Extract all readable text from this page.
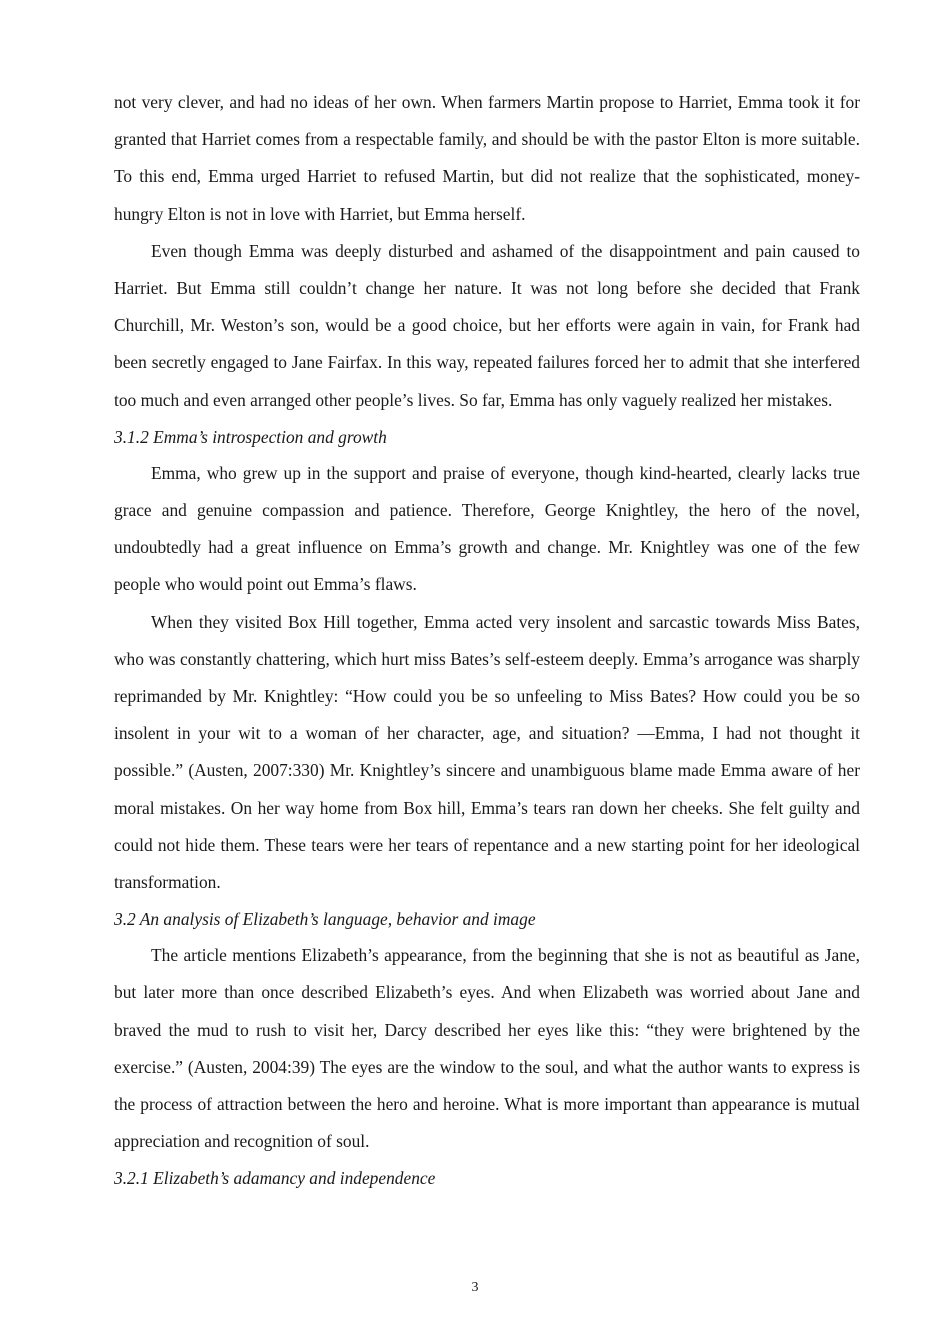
not very clever, and had no ideas of her own. When farmers Martin propose to Harriet, Emma took it for granted that Harriet comes from a respectable family, and should be with the pastor Elton is more suitable. To this end, Emma urged Harriet to refused Martin, but did not realize that the sophisticated, money-hungry Elton is not in love with Harriet, but Emma herself.

Even though Emma was deeply disturbed and ashamed of the disappointment and pain caused to Harriet. But Emma still couldn’t change her nature. It was not long before she decided that Frank Churchill, Mr. Weston’s son, would be a good choice, but her efforts were again in vain, for Frank had been secretly engaged to Jane Fairfax. In this way, repeated failures forced her to admit that she interfered too much and even arranged other people’s lives. So far, Emma has only vaguely realized her mistakes.

3.1.2 Emma’s introspection and growth

Emma, who grew up in the support and praise of everyone, though kind-hearted, clearly lacks true grace and genuine compassion and patience. Therefore, George Knightley, the hero of the novel, undoubtedly had a great influence on Emma’s growth and change. Mr. Knightley was one of the few people who would point out Emma’s flaws.

When they visited Box Hill together, Emma acted very insolent and sarcastic towards Miss Bates, who was constantly chattering, which hurt miss Bates’s self-esteem deeply. Emma’s arrogance was sharply reprimanded by Mr. Knightley: “How could you be so unfeeling to Miss Bates? How could you be so insolent in your wit to a woman of her character, age, and situation? —Emma, I had not thought it possible.” (Austen, 2007:330) Mr. Knightley’s sincere and unambiguous blame made Emma aware of her moral mistakes. On her way home from Box hill, Emma’s tears ran down her cheeks. She felt guilty and could not hide them. These tears were her tears of repentance and a new starting point for her ideological transformation.

3.2 An analysis of Elizabeth’s language, behavior and image

The article mentions Elizabeth’s appearance, from the beginning that she is not as beautiful as Jane, but later more than once described Elizabeth’s eyes. And when Elizabeth was worried about Jane and braved the mud to rush to visit her, Darcy described her eyes like this: “they were brightened by the exercise.” (Austen, 2004:39) The eyes are the window to the soul, and what the author wants to express is the process of attraction between the hero and heroine. What is more important than appearance is mutual appreciation and recognition of soul.

3.2.1 Elizabeth’s adamancy and independence

3
